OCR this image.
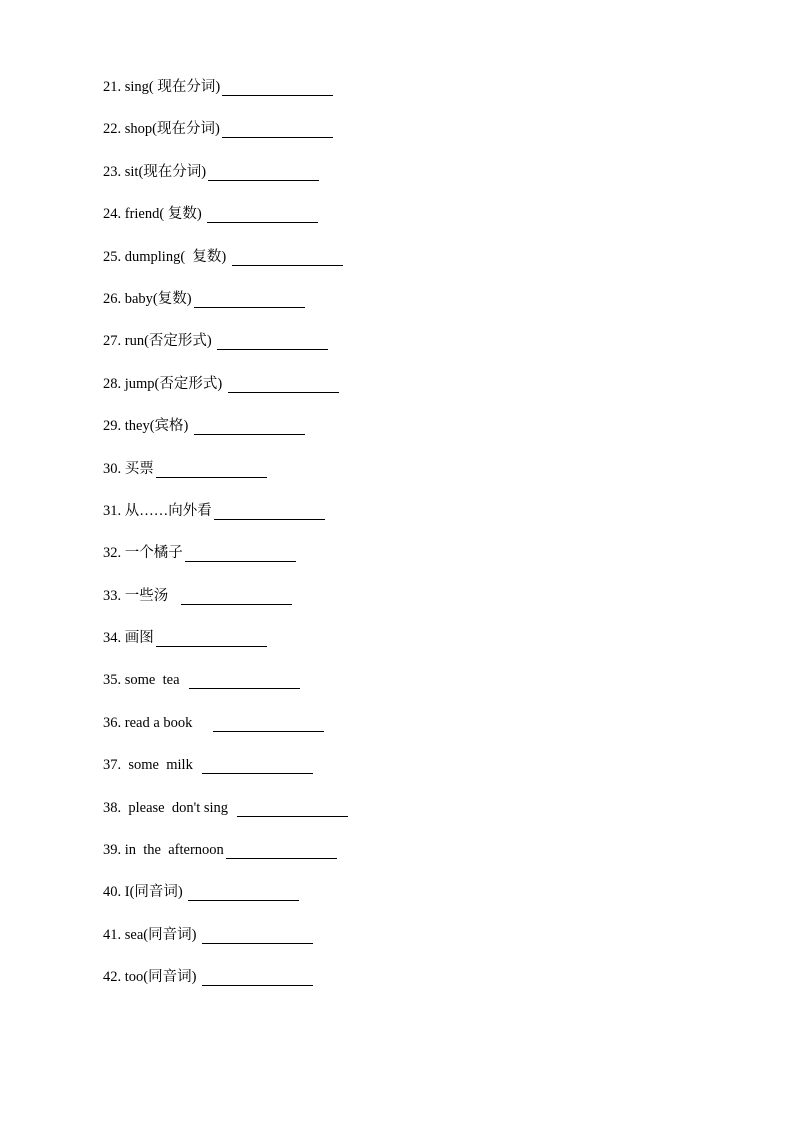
21. sing( 现在分词)
22. shop(现在分词)
23. sit(现在分词)
24. friend( 复数)
25. dumpling(  复数)
26. baby(复数)
27. run(否定形式)
28. jump(否定形式)
29. they(宾格)
30. 买票
31. 从……向外看
32. 一个橘子
33. 一些汤
34. 画图
35. some  tea
36. read a book
37. some  milk
38. please  don't sing
39. in  the  afternoon
40. I(同音词)
41. sea(同音词)
42. too(同音词)
